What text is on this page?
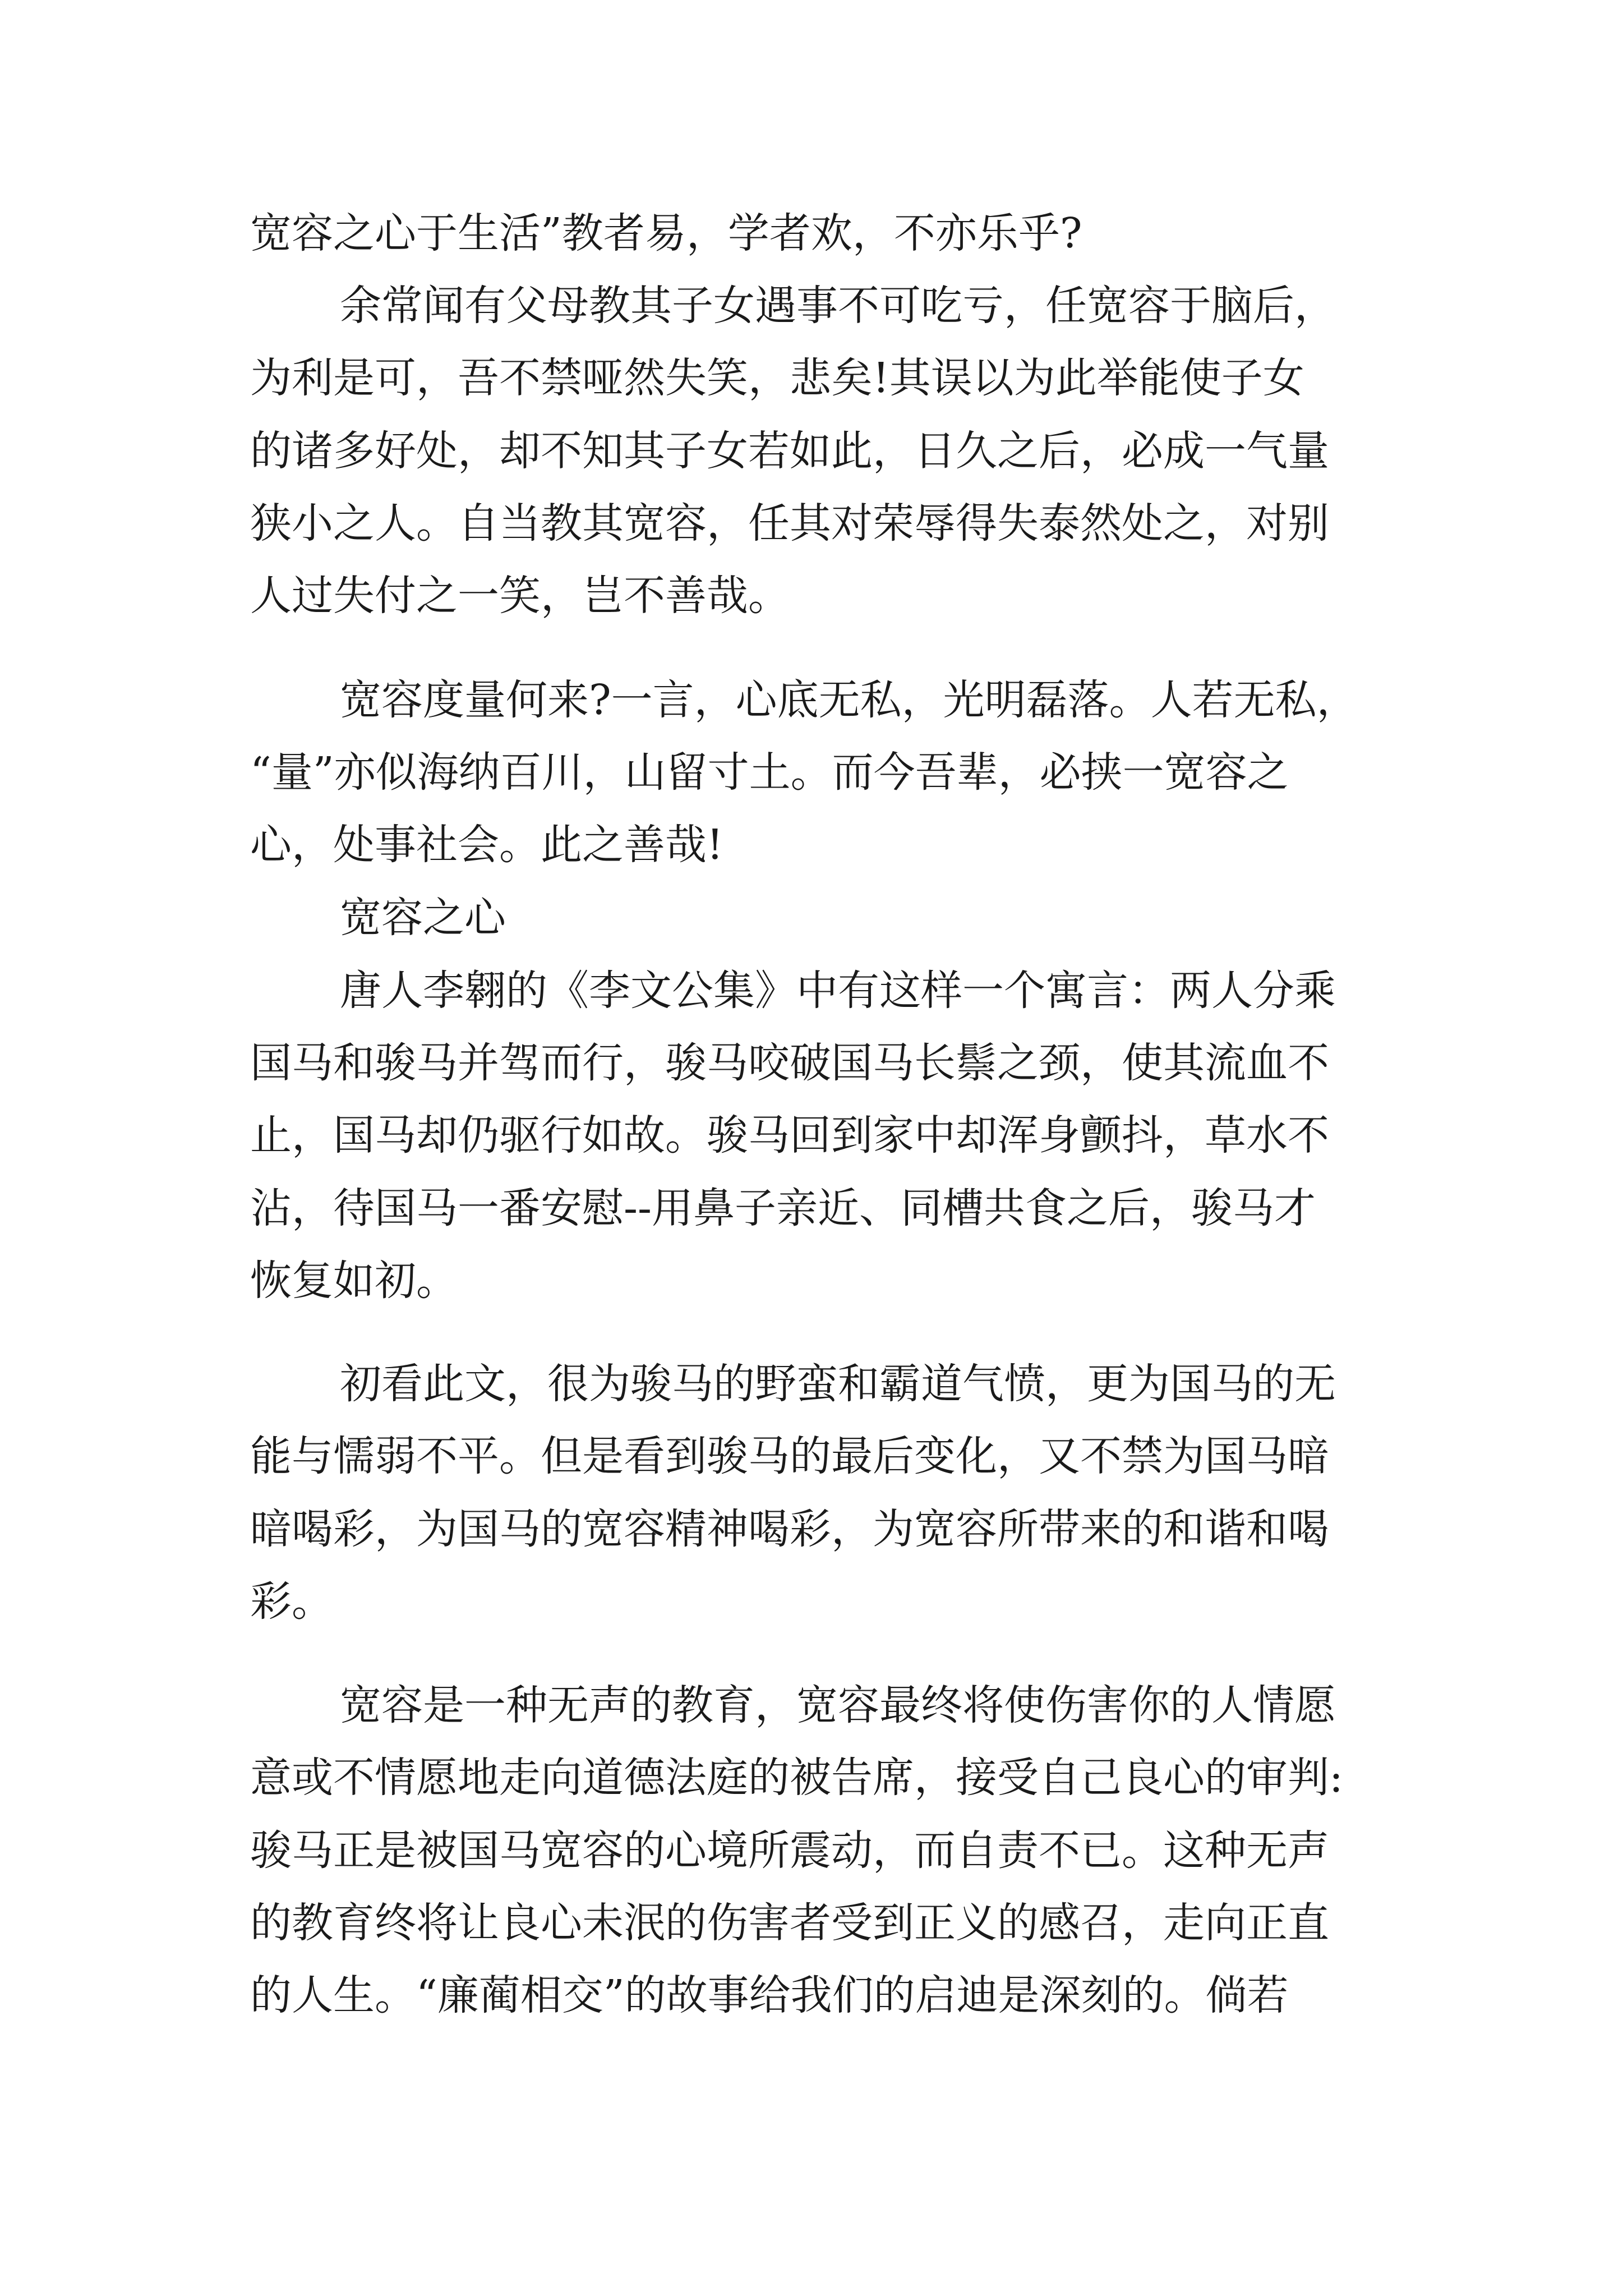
宽容之心于生活”教者易，学者欢，不亦乐乎?

余常闻有父母教其子女遇事不可吃亏，任宽容于脑后，

为利是可，吾不禁哑然失笑，悲矣!其误以为此举能使子女

的诸多好处，却不知其子女若如此，日久之后，必成一气量

狭小之人。自当教其宽容，任其对荣辱得失泰然处之，对别

人过失付之一笑，岂不善哉。

宽容度量何来?一言，心底无私，光明磊落。人若无私，

“量”亦似海纳百川，山留寸土。而今吾辈，必挟一宽容之

心，处事社会。此之善哉!

宽容之心

唐人李翱的《李文公集》中有这样一个寓言：两人分乘

国马和骏马并驾而行，骏马咬破国马长鬃之颈，使其流血不

止，国马却仍驱行如故。骏马回到家中却浑身颤抖，草水不

沾，待国马一番安慰--用鼻子亲近、同槽共食之后，骏马才

恢复如初。

初看此文，很为骏马的野蛮和霸道气愤，更为国马的无

能与懦弱不平。但是看到骏马的最后变化，又不禁为国马暗

暗喝彩，为国马的宽容精神喝彩，为宽容所带来的和谐和喝

彩。

宽容是一种无声的教育，宽容最终将使伤害你的人情愿

意或不情愿地走向道德法庭的被告席，接受自己良心的审判:

骏马正是被国马宽容的心境所震动，而自责不已。这种无声

的教育终将让良心未泯的伤害者受到正义的感召，走向正直

的人生。“廉蔺相交”的故事给我们的启迪是深刻的。倘若
